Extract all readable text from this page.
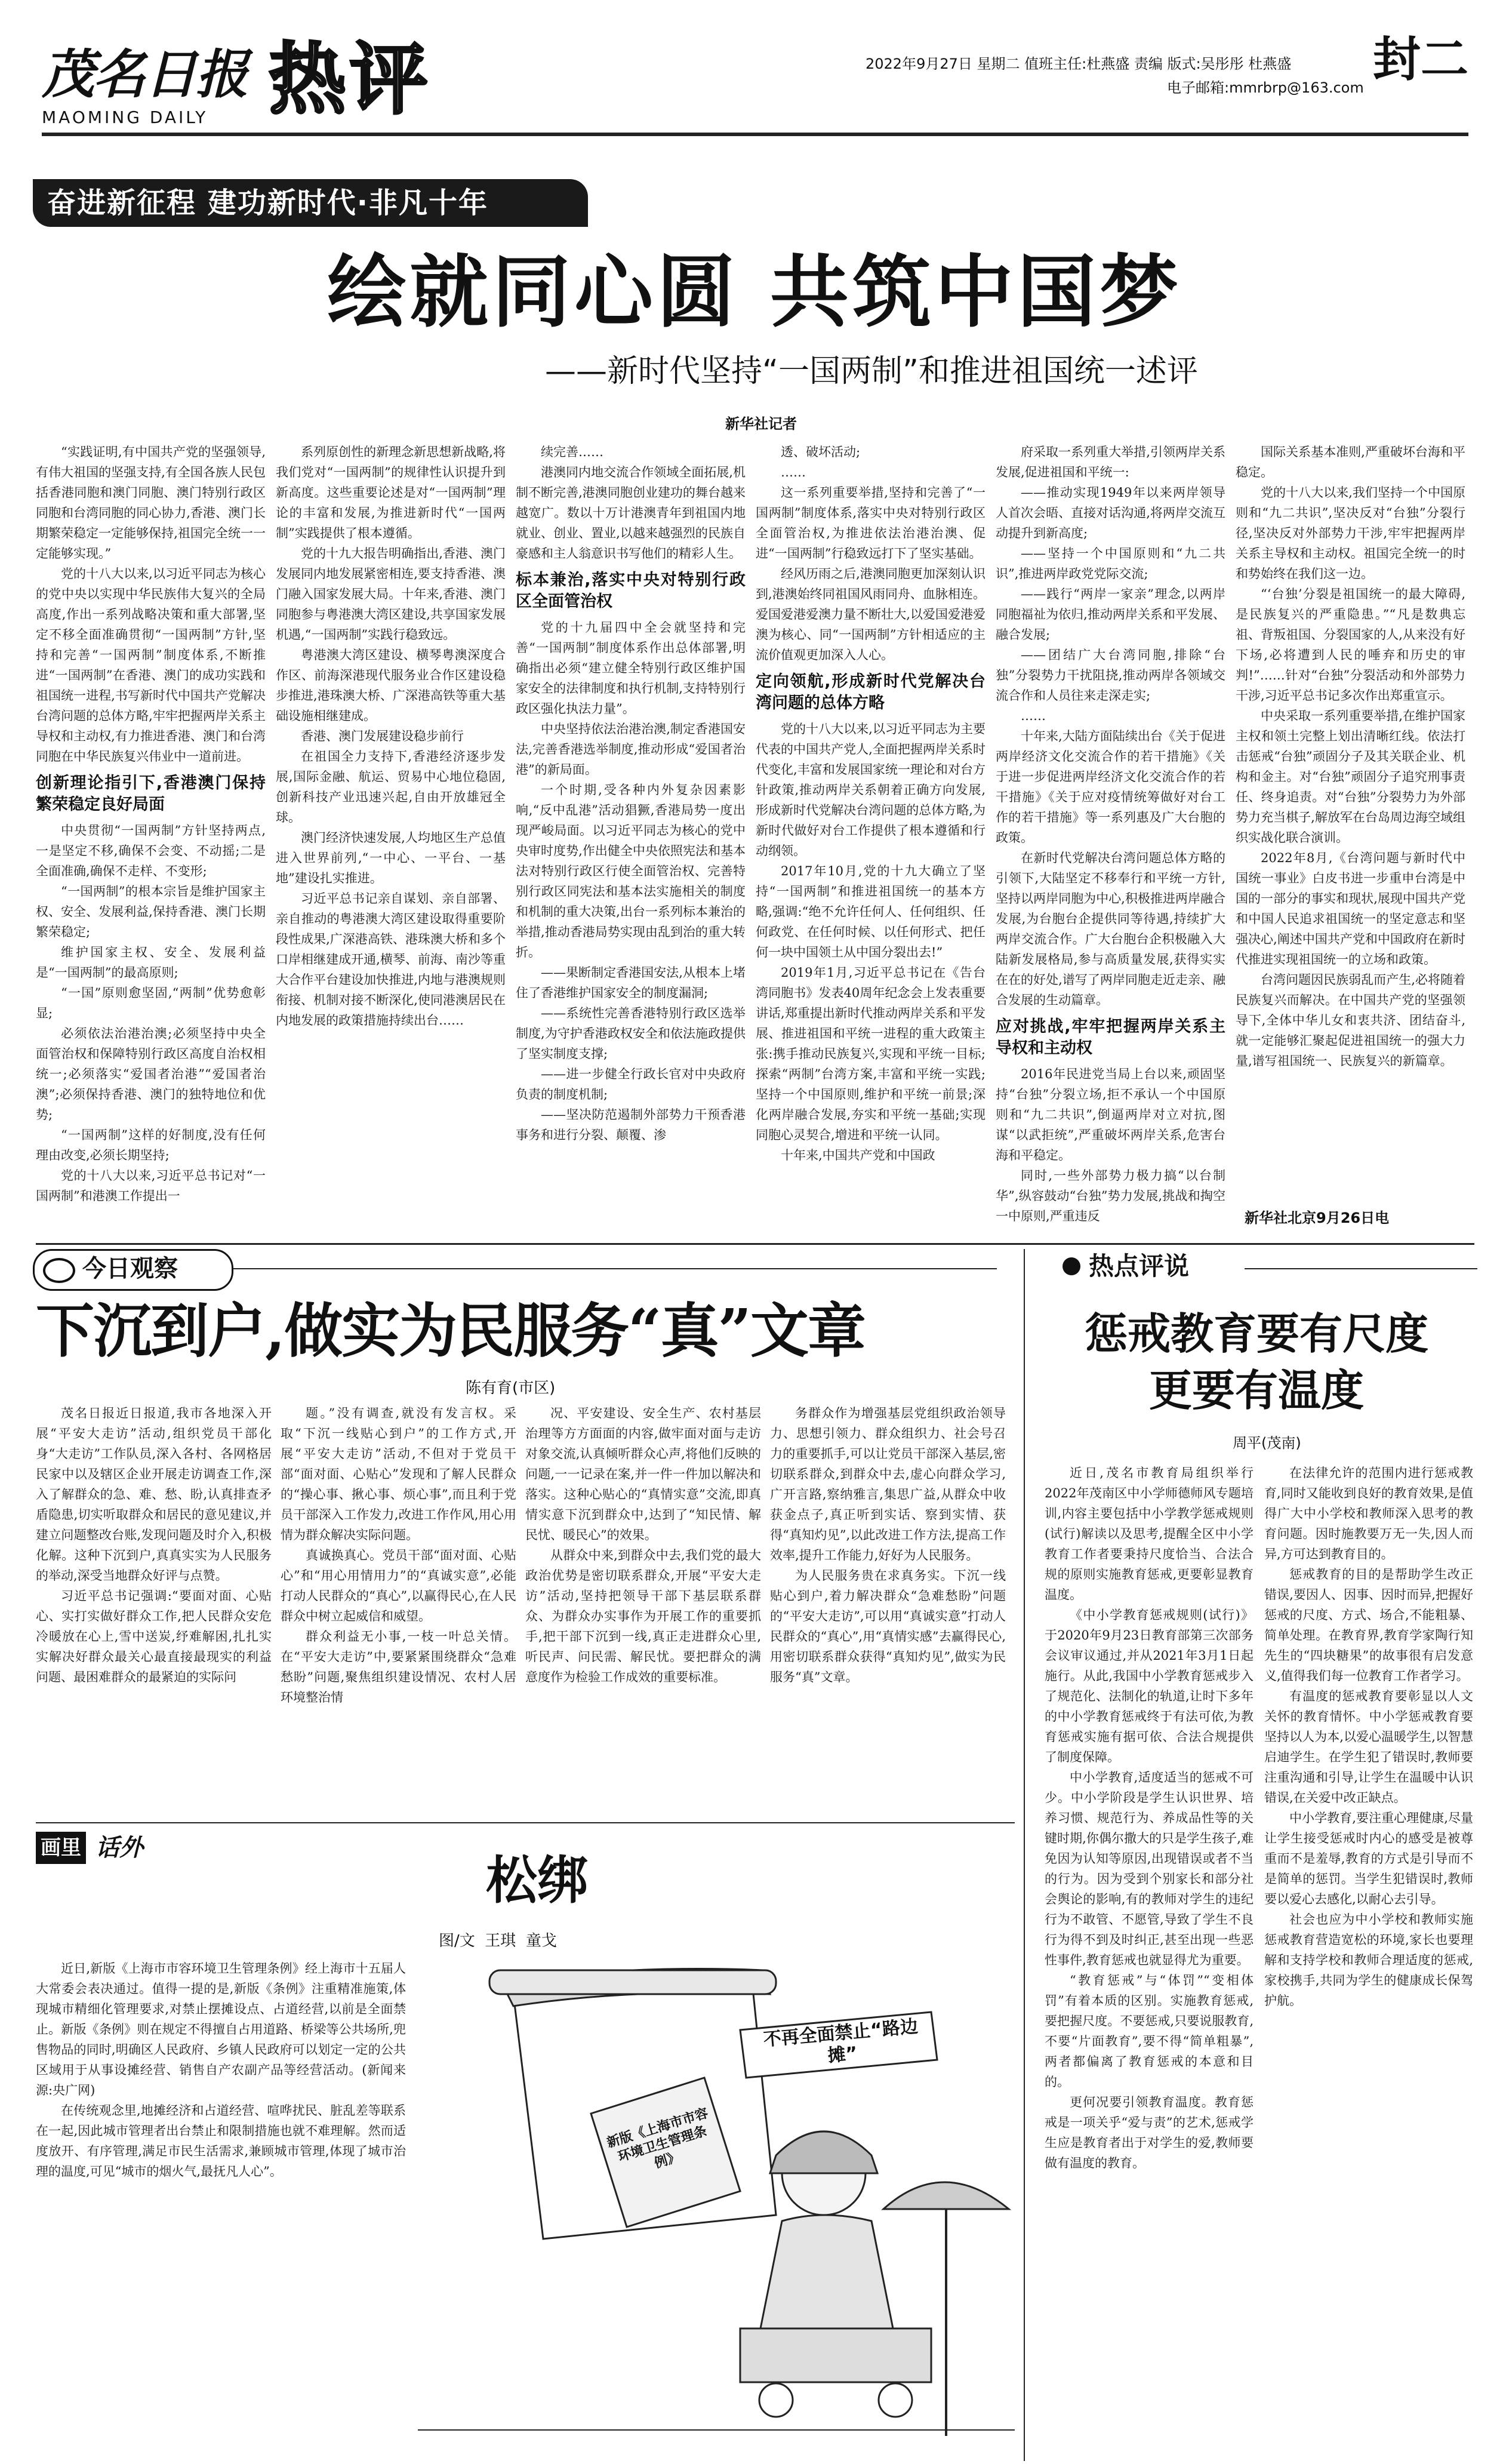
茂名日报
MAOMING DAILY 热评	2022年9月27日 星期二 值班主任:杜燕盛 责编 版式:吴彤彤 杜燕盛
电子邮箱:mmrbrp@163.com
封二
奋进新征程 建功新时代·非凡十年
绘就同心圆 共筑中国梦
——新时代坚持“一国两制”和推进祖国统一述评
新华社记者

“实践证明,有中国共产党的坚强领导,有伟大祖国的坚强支持,有全国各族人民包括香港同胞和澳门同胞、澳门特别行政区同胞和台湾同胞的同心协力,香港、澳门长期繁荣稳定一定能够保持,祖国完全统一一定能够实现。”

党的十八大以来,以习近平同志为核心的党中央以实现中华民族伟大复兴的全局高度,作出一系列战略决策和重大部署,坚定不移全面准确贯彻“一国两制”方针,坚持和完善“一国两制”制度体系,不断推进“一国两制”在香港、澳门的成功实践和祖国统一进程,书写新时代中国共产党解决台湾问题的总体方略,牢牢把握两岸关系主导权和主动权,有力推进香港、澳门和台湾同胞在中华民族复兴伟业中一道前进。

创新理论指引下,香港澳门保持繁荣稳定良好局面

中央贯彻“一国两制”方针坚持两点,一是坚定不移,确保不会变、不动摇;二是全面准确,确保不走样、不变形;

“一国两制”的根本宗旨是维护国家主权、安全、发展利益,保持香港、澳门长期繁荣稳定;

维护国家主权、安全、发展利益是“一国两制”的最高原则;

“一国”原则愈坚固,“两制”优势愈彰显;

必须依法治港治澳;必须坚持中央全面管治权和保障特别行政区高度自治权相统一;必须落实“爱国者治港”“爱国者治澳”;必须保持香港、澳门的独特地位和优势;

“一国两制”这样的好制度,没有任何理由改变,必须长期坚持;

党的十八大以来,习近平总书记对“一国两制”和港澳工作提出一

系列原创性的新理念新思想新战略,将我们党对“一国两制”的规律性认识提升到新高度。这些重要论述是对“一国两制”理论的丰富和发展,为推进新时代“一国两制”实践提供了根本遵循。

党的十九大报告明确指出,香港、澳门发展同内地发展紧密相连,要支持香港、澳门融入国家发展大局。十年来,香港、澳门同胞参与粤港澳大湾区建设,共享国家发展机遇,“一国两制”实践行稳致远。

粤港澳大湾区建设、横琴粤澳深度合作区、前海深港现代服务业合作区建设稳步推进,港珠澳大桥、广深港高铁等重大基础设施相继建成。

香港、澳门发展建设稳步前行

在祖国全力支持下,香港经济逐步发展,国际金融、航运、贸易中心地位稳固,创新科技产业迅速兴起,自由开放雄冠全球。

澳门经济快速发展,人均地区生产总值进入世界前列,“一中心、一平台、一基地”建设扎实推进。

习近平总书记亲自谋划、亲自部署、亲自推动的粤港澳大湾区建设取得重要阶段性成果,广深港高铁、港珠澳大桥和多个口岸相继建成开通,横琴、前海、南沙等重大合作平台建设加快推进,内地与港澳规则衔接、机制对接不断深化,使同港澳居民在内地发展的政策措施持续出台……

续完善……

港澳同内地交流合作领域全面拓展,机制不断完善,港澳同胞创业建功的舞台越来越宽广。数以十万计港澳青年到祖国内地就业、创业、置业,以越来越强烈的民族自豪感和主人翁意识书写他们的精彩人生。

标本兼治,落实中央对特别行政区全面管治权

党的十九届四中全会就坚持和完善“一国两制”制度体系作出总体部署,明确指出必须“建立健全特别行政区维护国家安全的法律制度和执行机制,支持特别行政区强化执法力量”。

中央坚持依法治港治澳,制定香港国安法,完善香港选举制度,推动形成“爱国者治港”的新局面。

一个时期,受各种内外复杂因素影响,“反中乱港”活动猖獗,香港局势一度出现严峻局面。以习近平同志为核心的党中央审时度势,作出健全中央依照宪法和基本法对特别行政区行使全面管治权、完善特别行政区同宪法和基本法实施相关的制度和机制的重大决策,出台一系列标本兼治的举措,推动香港局势实现由乱到治的重大转折。

——果断制定香港国安法,从根本上堵住了香港维护国家安全的制度漏洞;

——系统性完善香港特别行政区选举制度,为守护香港政权安全和依法施政提供了坚实制度支撑;

——进一步健全行政长官对中央政府负责的制度机制;

——坚决防范遏制外部势力干预香港事务和进行分裂、颠覆、渗

透、破坏活动;

……

这一系列重要举措,坚持和完善了“一国两制”制度体系,落实中央对特别行政区全面管治权,为推进依法治港治澳、促进“一国两制”行稳致远打下了坚实基础。

经风历雨之后,港澳同胞更加深刻认识到,港澳始终同祖国风雨同舟、血脉相连。爱国爱港爱澳力量不断壮大,以爱国爱港爱澳为核心、同“一国两制”方针相适应的主流价值观更加深入人心。

定向领航,形成新时代党解决台湾问题的总体方略

党的十八大以来,以习近平同志为主要代表的中国共产党人,全面把握两岸关系时代变化,丰富和发展国家统一理论和对台方针政策,推动两岸关系朝着正确方向发展,形成新时代党解决台湾问题的总体方略,为新时代做好对台工作提供了根本遵循和行动纲领。

2017年10月,党的十九大确立了坚持“一国两制”和推进祖国统一的基本方略,强调:“绝不允许任何人、任何组织、任何政党、在任何时候、以任何形式、把任何一块中国领土从中国分裂出去!”

2019年1月,习近平总书记在《告台湾同胞书》发表40周年纪念会上发表重要讲话,郑重提出新时代推动两岸关系和平发展、推进祖国和平统一进程的重大政策主张:携手推动民族复兴,实现和平统一目标;探索“两制”台湾方案,丰富和平统一实践;坚持一个中国原则,维护和平统一前景;深化两岸融合发展,夯实和平统一基础;实现同胞心灵契合,增进和平统一认同。

十年来,中国共产党和中国政

府采取一系列重大举措,引领两岸关系发展,促进祖国和平统一:

——推动实现1949年以来两岸领导人首次会晤、直接对话沟通,将两岸交流互动提升到新高度;

——坚持一个中国原则和“九二共识”,推进两岸政党党际交流;

——践行“两岸一家亲”理念,以两岸同胞福祉为依归,推动两岸关系和平发展、融合发展;

——团结广大台湾同胞,排除“台独”分裂势力干扰阻挠,推动两岸各领域交流合作和人员往来走深走实;

……

十年来,大陆方面陆续出台《关于促进两岸经济文化交流合作的若干措施》《关于进一步促进两岸经济文化交流合作的若干措施》《关于应对疫情统筹做好对台工作的若干措施》等一系列惠及广大台胞的政策。

在新时代党解决台湾问题总体方略的引领下,大陆坚定不移奉行和平统一方针,坚持以两岸同胞为中心,积极推进两岸融合发展,为台胞台企提供同等待遇,持续扩大两岸交流合作。广大台胞台企积极融入大陆新发展格局,参与高质量发展,获得实实在在的好处,谱写了两岸同胞走近走亲、融合发展的生动篇章。

应对挑战,牢牢把握两岸关系主导权和主动权

2016年民进党当局上台以来,顽固坚持“台独”分裂立场,拒不承认一个中国原则和“九二共识”,倒逼两岸对立对抗,图谋“以武拒统”,严重破坏两岸关系,危害台海和平稳定。

同时,一些外部势力极力搞“以台制华”,纵容鼓动“台独”势力发展,挑战和掏空一中原则,严重违反

国际关系基本准则,严重破坏台海和平稳定。

党的十八大以来,我们坚持一个中国原则和“九二共识”,坚决反对“台独”分裂行径,坚决反对外部势力干涉,牢牢把握两岸关系主导权和主动权。祖国完全统一的时和势始终在我们这一边。

“‘台独’分裂是祖国统一的最大障碍,是民族复兴的严重隐患。”“凡是数典忘祖、背叛祖国、分裂国家的人,从来没有好下场,必将遭到人民的唾弃和历史的审判!”……针对“台独”分裂活动和外部势力干涉,习近平总书记多次作出郑重宣示。

中央采取一系列重要举措,在维护国家主权和领土完整上划出清晰红线。依法打击惩戒“台独”顽固分子及其关联企业、机构和金主。对“台独”顽固分子追究刑事责任、终身追责。对“台独”分裂势力为外部势力充当棋子,解放军在台岛周边海空域组织实战化联合演训。

2022年8月,《台湾问题与新时代中国统一事业》白皮书进一步重申台湾是中国的一部分的事实和现状,展现中国共产党和中国人民追求祖国统一的坚定意志和坚强决心,阐述中国共产党和中国政府在新时代推进实现祖国统一的立场和政策。

台湾问题因民族弱乱而产生,必将随着民族复兴而解决。在中国共产党的坚强领导下,全体中华儿女和衷共济、团结奋斗,就一定能够汇聚起促进祖国统一的强大力量,谱写祖国统一、民族复兴的新篇章。

新华社北京9月26日电
今日观察
下沉到户,做实为民服务“真”文章
陈有育(市区)

茂名日报近日报道,我市各地深入开展“平安大走访”活动,组织党员干部化身“大走访”工作队员,深入各村、各网格居民家中以及辖区企业开展走访调查工作,深入了解群众的急、难、愁、盼,认真排查矛盾隐患,切实听取群众和居民的意见建议,并建立问题整改台账,发现问题及时介入,积极化解。这种下沉到户,真真实实为人民服务的举动,深受当地群众好评与点赞。

习近平总书记强调:“要面对面、心贴心、实打实做好群众工作,把人民群众安危冷暖放在心上,雪中送炭,纾难解困,扎扎实实解决好群众最关心最直接最现实的利益问题、最困难群众的最紧迫的实际问

题。”没有调查,就没有发言权。采取“下沉一线贴心到户”的工作方式,开展“平安大走访”活动,不但对于党员干部“面对面、心贴心”发现和了解人民群众的“操心事、揪心事、烦心事”,而且利于党员干部深入工作发力,改进工作作风,用心用情为群众解决实际问题。

真诚换真心。党员干部“面对面、心贴心”和“用心用情用力”的“真诚实意”,必能打动人民群众的“真心”,以赢得民心,在人民群众中树立起威信和威望。

群众利益无小事,一枝一叶总关情。在“平安大走访”中,要紧紧围绕群众“急难愁盼”问题,聚焦组织建设情况、农村人居环境整治情

况、平安建设、安全生产、农村基层治理等方方面面的内容,做牢面对面与走访对象交流,认真倾听群众心声,将他们反映的问题,一一记录在案,并一件一件加以解决和落实。这种心贴心的“真情实意”交流,即真情实意下沉到群众中,达到了“知民情、解民忧、暖民心”的效果。

从群众中来,到群众中去,我们党的最大政治优势是密切联系群众,开展“平安大走访”活动,坚持把领导干部下基层联系群众、为群众办实事作为开展工作的重要抓手,把干部下沉到一线,真正走进群众心里,听民声、问民需、解民忧。要把群众的满意度作为检验工作成效的重要标准。

务群众作为增强基层党组织政治领导力、思想引领力、群众组织力、社会号召力的重要抓手,可以让党员干部深入基层,密切联系群众,到群众中去,虚心向群众学习,广开言路,察纳雅言,集思广益,从群众中收获金点子,真正听到实话、察到实情、获得“真知灼见”,以此改进工作方法,提高工作效率,提升工作能力,好好为人民服务。

为人民服务贵在求真务实。下沉一线贴心到户,着力解决群众“急难愁盼”问题的“平安大走访”,可以用“真诚实意”打动人民群众的“真心”,用“真情实感”去赢得民心,用密切联系群众获得“真知灼见”,做实为民服务“真”文章。

热点评说
惩戒教育要有尺度
更要有温度
周平(茂南)

近日,茂名市教育局组织举行2022年茂南区中小学师德师风专题培训,内容主要包括中小学教学惩戒规则(试行)解读以及思考,提醒全区中小学教育工作者要秉持尺度恰当、合法合规的原则实施教育惩戒,更要彰显教育温度。

《中小学教育惩戒规则(试行)》于2020年9月23日教育部第三次部务会议审议通过,并从2021年3月1日起施行。从此,我国中小学教育惩戒步入了规范化、法制化的轨道,让时下多年的中小学教育惩戒终于有法可依,为教育惩戒实施有据可依、合法合规提供了制度保障。

中小学教育,适度适当的惩戒不可少。中小学阶段是学生认识世界、培养习惯、规范行为、养成品性等的关键时期,你偶尔撒大的只是学生孩子,难免因为认知等原因,出现错误或者不当的行为。因为受到个别家长和部分社会舆论的影响,有的教师对学生的违纪行为不敢管、不愿管,导致了学生不良行为得不到及时纠正,甚至出现一些恶性事件,教育惩戒也就显得尤为重要。

“教育惩戒”与“体罚”“变相体罚”有着本质的区别。实施教育惩戒,要把握尺度。不要惩戒,只要说服教育,不要“片面教育”,要不得“简单粗暴”,两者都偏离了教育惩戒的本意和目的。

更何况要引领教育温度。教育惩戒是一项关乎“爱与责”的艺术,惩戒学生应是教育者出于对学生的爱,教师要做有温度的教育。

在法律允许的范围内进行惩戒教育,同时又能收到良好的教育效果,是值得广大中小学校和教师深入思考的教育问题。因时施教要万无一失,因人而异,方可达到教育目的。

惩戒教育的目的是帮助学生改正错误,要因人、因事、因时而异,把握好惩戒的尺度、方式、场合,不能粗暴、简单处理。在教育界,教育学家陶行知先生的“四块糖果”的故事很有启发意义,值得我们每一位教育工作者学习。

有温度的惩戒教育要彰显以人文关怀的教育情怀。中小学惩戒教育要坚持以人为本,以爱心温暖学生,以智慧启迪学生。在学生犯了错误时,教师要注重沟通和引导,让学生在温暖中认识错误,在关爱中改正缺点。

中小学教育,要注重心理健康,尽量让学生接受惩戒时内心的感受是被尊重而不是羞辱,教育的方式是引导而不是简单的惩罚。当学生犯错误时,教师要以爱心去感化,以耐心去引导。

社会也应为中小学校和教师实施惩戒教育营造宽松的环境,家长也要理解和支持学校和教师合理适度的惩戒,家校携手,共同为学生的健康成长保驾护航。

画里 话外
松绑
图/文  王琪  童戈
不再全面禁止“路边摊”
新版《上海市市容环境卫生管理条例》

近日,新版《上海市市容环境卫生管理条例》经上海市十五届人大常委会表决通过。值得一提的是,新版《条例》注重精准施策,体现城市精细化管理要求,对禁止摆摊设点、占道经营,以前是全面禁止。新版《条例》则在规定不得擅自占用道路、桥梁等公共场所,兜售物品的同时,明确区人民政府、乡镇人民政府可以划定一定的公共区域用于从事设摊经营、销售自产农副产品等经营活动。(新闻来源:央广网)

在传统观念里,地摊经济和占道经营、喧哗扰民、脏乱差等联系在一起,因此城市管理者出台禁止和限制措施也就不难理解。然而适度放开、有序管理,满足市民生活需求,兼顾城市管理,体现了城市治理的温度,可见“城市的烟火气,最抚凡人心”。
